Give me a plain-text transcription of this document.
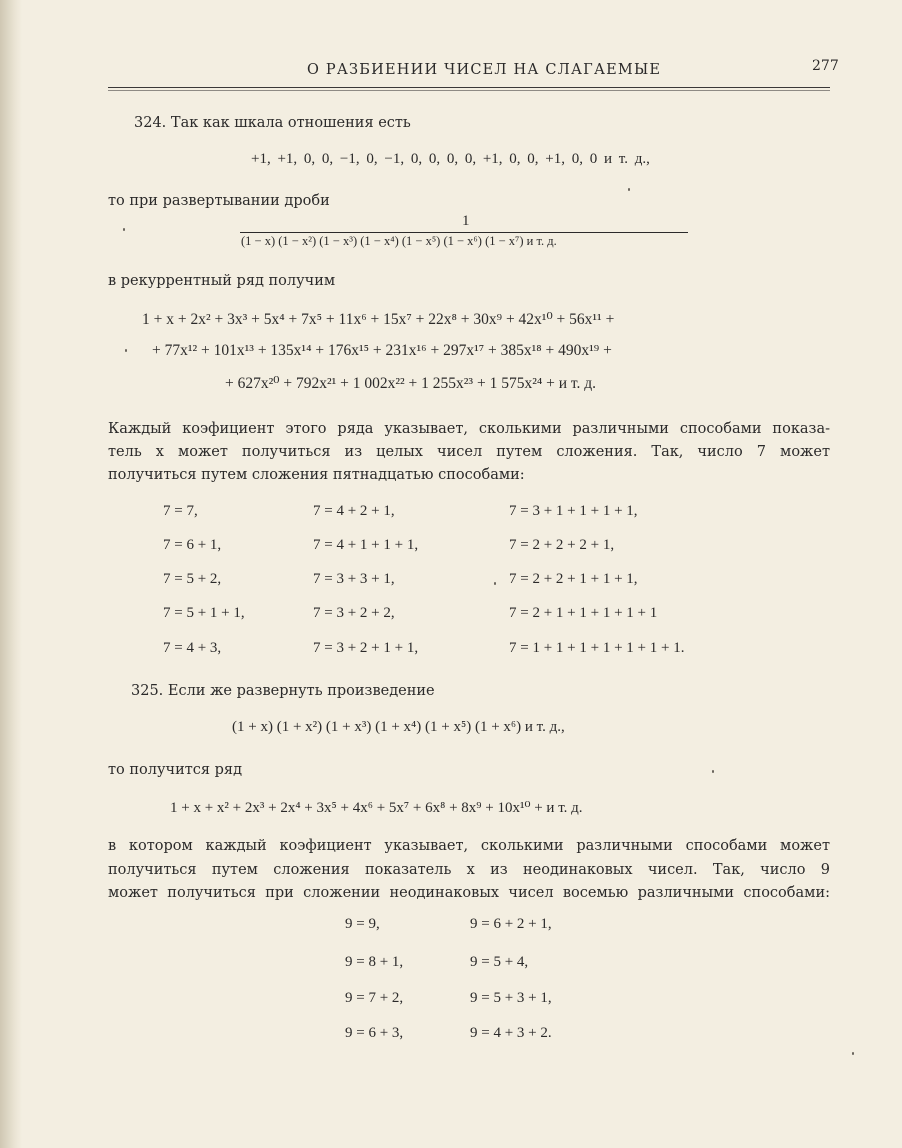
О РАЗБИЕНИИ ЧИСЕЛ НА СЛАГАЕМЫЕ	277
324. Так как шкала отношения есть
+1, +1, 0, 0, −1, 0, −1, 0, 0, 0, 0, +1, 0, 0, +1, 0, 0 и т. д.,
то при развертывании дроби
1
(1 − x) (1 − x²) (1 − x³) (1 − x⁴) (1 − x⁵) (1 − x⁶) (1 − x⁷) и т. д.
в рекуррентный ряд получим
1 + x + 2x² + 3x³ + 5x⁴ + 7x⁵ + 11x⁶ + 15x⁷ + 22x⁸ + 30x⁹ + 42x¹⁰ + 56x¹¹ +
+ 77x¹² + 101x¹³ + 135x¹⁴ + 176x¹⁵ + 231x¹⁶ + 297x¹⁷ + 385x¹⁸ + 490x¹⁹ +
+ 627x²⁰ + 792x²¹ + 1 002x²² + 1 255x²³ + 1 575x²⁴ + и т. д.
Каждый коэфициент этого ряда указывает, сколькими различными способами показа-
тель x может получиться из целых чисел путем сложения. Так, число 7 может
получиться путем сложения пятнадцатью способами:
7 = 7,	7 = 4 + 2 + 1,	7 = 3 + 1 + 1 + 1 + 1,
7 = 6 + 1,	7 = 4 + 1 + 1 + 1,	7 = 2 + 2 + 2 + 1,
7 = 5 + 2,	7 = 3 + 3 + 1,	7 = 2 + 2 + 1 + 1 + 1,
7 = 5 + 1 + 1,	7 = 3 + 2 + 2,	7 = 2 + 1 + 1 + 1 + 1 + 1
7 = 4 + 3,	7 = 3 + 2 + 1 + 1,	7 = 1 + 1 + 1 + 1 + 1 + 1 + 1.
325. Если же развернуть произведение
(1 + x) (1 + x²) (1 + x³) (1 + x⁴) (1 + x⁵) (1 + x⁶) и т. д.,
то получится ряд
1 + x + x² + 2x³ + 2x⁴ + 3x⁵ + 4x⁶ + 5x⁷ + 6x⁸ + 8x⁹ + 10x¹⁰ + и т. д.
в котором каждый коэфициент указывает, сколькими различными способами может
получиться путем сложения показатель x из неодинаковых чисел. Так, число 9
может получиться при сложении неодинаковых чисел восемью различными способами:
9 = 9,	9 = 6 + 2 + 1,
9 = 8 + 1,	9 = 5 + 4,
9 = 7 + 2,	9 = 5 + 3 + 1,
9 = 6 + 3,	9 = 4 + 3 + 2.
